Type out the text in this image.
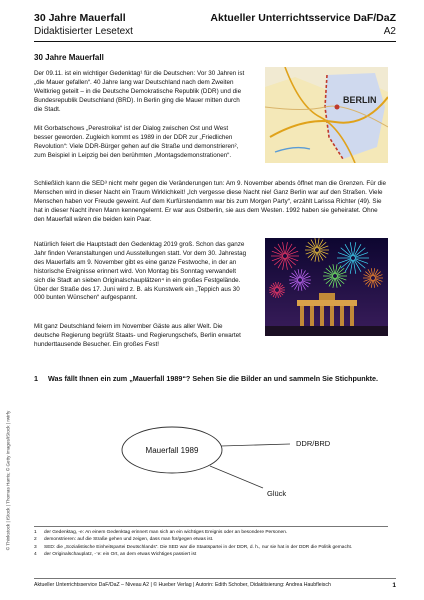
30 Jahre Mauerfall
Didaktisierter Lesetext
Aktueller Unterrichtsservice DaF/DaZ
A2
30 Jahre Mauerfall

Der 09.11. ist ein wichtiger Gedenktag¹ für die Deutschen: Vor 30 Jahren ist „die Mauer gefallen“. 40 Jahre lang war Deutschland nach dem Zweiten Weltkrieg geteilt – in die Deutsche Demokratische Republik (DDR) und die Bundesrepublik Deutschland (BRD). In Berlin ging die Mauer mitten durch die Stadt.

Mit Gorbatschows „Perestroika“ ist der Dialog zwischen Ost und West besser geworden. Zugleich kommt es 1989 in der DDR zur „Friedlichen Revolution“: Viele DDR-Bürger gehen auf die Straße und demonstrieren², zum Beispiel in Leipzig bei den berühmten „Montagsdemonstrationen“.

Schließlich kann die SED³ nicht mehr gegen die Veränderungen tun: Am 9. November abends öffnet man die Grenzen. Für die Menschen wird in dieser Nacht ein Traum Wirklichkeit! „Ich vergesse diese Nacht nie! Ganz Berlin war auf den Straßen. Viele Menschen haben vor Freude geweint. Auf dem Kurfürstendamm war bis zum Morgen Party“, erzählt Larissa Richter (49). Sie hat in dieser Nacht ihren Mann kennengelernt. Er war aus Ostberlin, sie aus dem Westen. 1992 haben sie geheiratet. Ohne den Mauerfall wären die beiden kein Paar.

Natürlich feiert die Hauptstadt den Gedenktag 2019 groß. Schon das ganze Jahr finden Veranstaltungen und Ausstellungen statt. Vor dem 30. Jahrestag des Mauerfalls am 9. November gibt es eine ganze Festwoche, in der an historische Ereignisse erinnert wird. Von Montag bis Sonntag verwandelt sich die Stadt an sieben Originalschauplätzen⁴ in ein großes Festgelände. Über der Straße des 17. Juni wird z. B. als Kunstwerk ein „Teppich aus 30 000 bunten Wünschen“ aufgespannt.

Mit ganz Deutschland feiern im November Gäste aus aller Welt. Die deutsche Regierung begrüßt Staats- und Regierungschefs, Berlin erwartet hunderttausende Besucher. Ein großes Fest!

BERLIN
© Thinkstock | iStock | Thomas Harris; © Getty Images/iStock | rwirfy
1 Was fällt Ihnen ein zum „Mauerfall 1989“? Sehen Sie die Bilder an und sammeln Sie Stichpunkte.
Mauerfall 1989
DDR/BRD
Glück

1 der Gedenktag, -e: An einem Gedenktag erinnert man sich an ein wichtiges Ereignis oder an besondere Personen.

2 demonstrieren: auf die Straße gehen und zeigen, dass man für/gegen etwas ist.

3 SED: die „Sozialistische Einheitspartei Deutschlands“. Die SED war die Staatspartei in der DDR, d. h., nur sie hat in der DDR die Politik gemacht.

4 der Originalschauplatz, -¨e: ein Ort, an dem etwas Wichtiges passiert ist

Aktueller Unterrichtsservice DaF/DaZ – Niveau A2 | © Hueber Verlag | Autorin: Edith Schober, Didaktisierung: Andrea Haubfleisch	1
